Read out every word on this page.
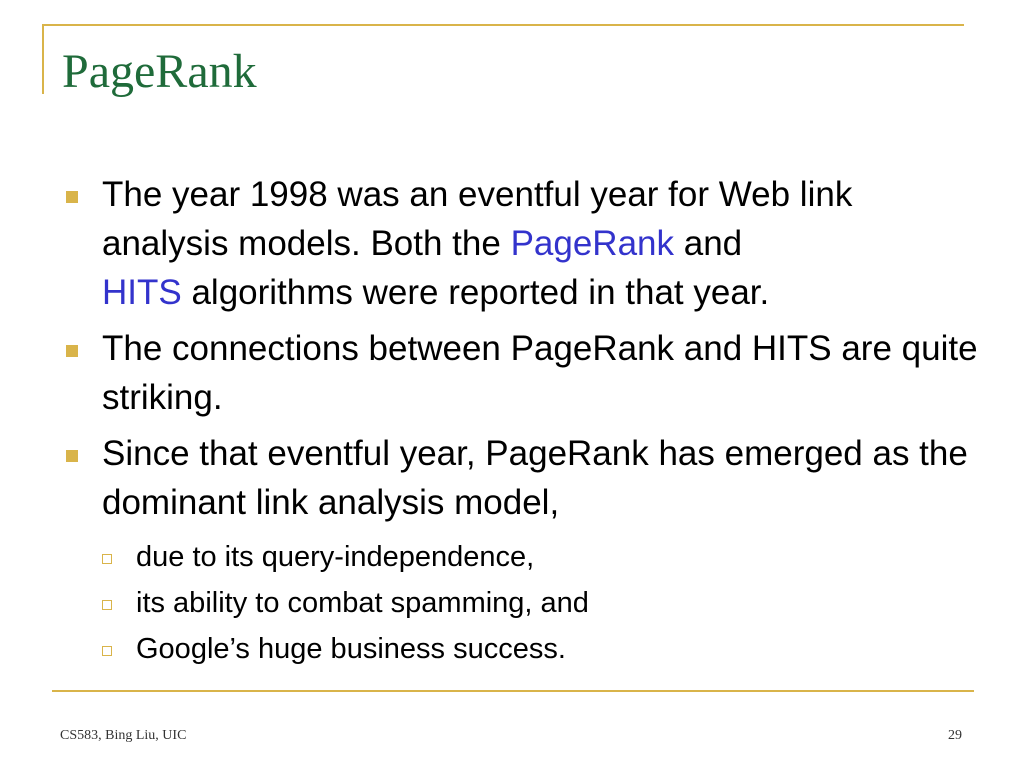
PageRank
The year 1998 was an eventful year for Web link analysis models. Both the PageRank and
HITS algorithms were reported in that year.
The connections between PageRank and HITS are quite striking.
Since that eventful year, PageRank has emerged as the dominant link analysis model,
due to its query-independence,
its ability to combat spamming, and
Google’s huge business success.
CS583, Bing Liu, UIC	29
